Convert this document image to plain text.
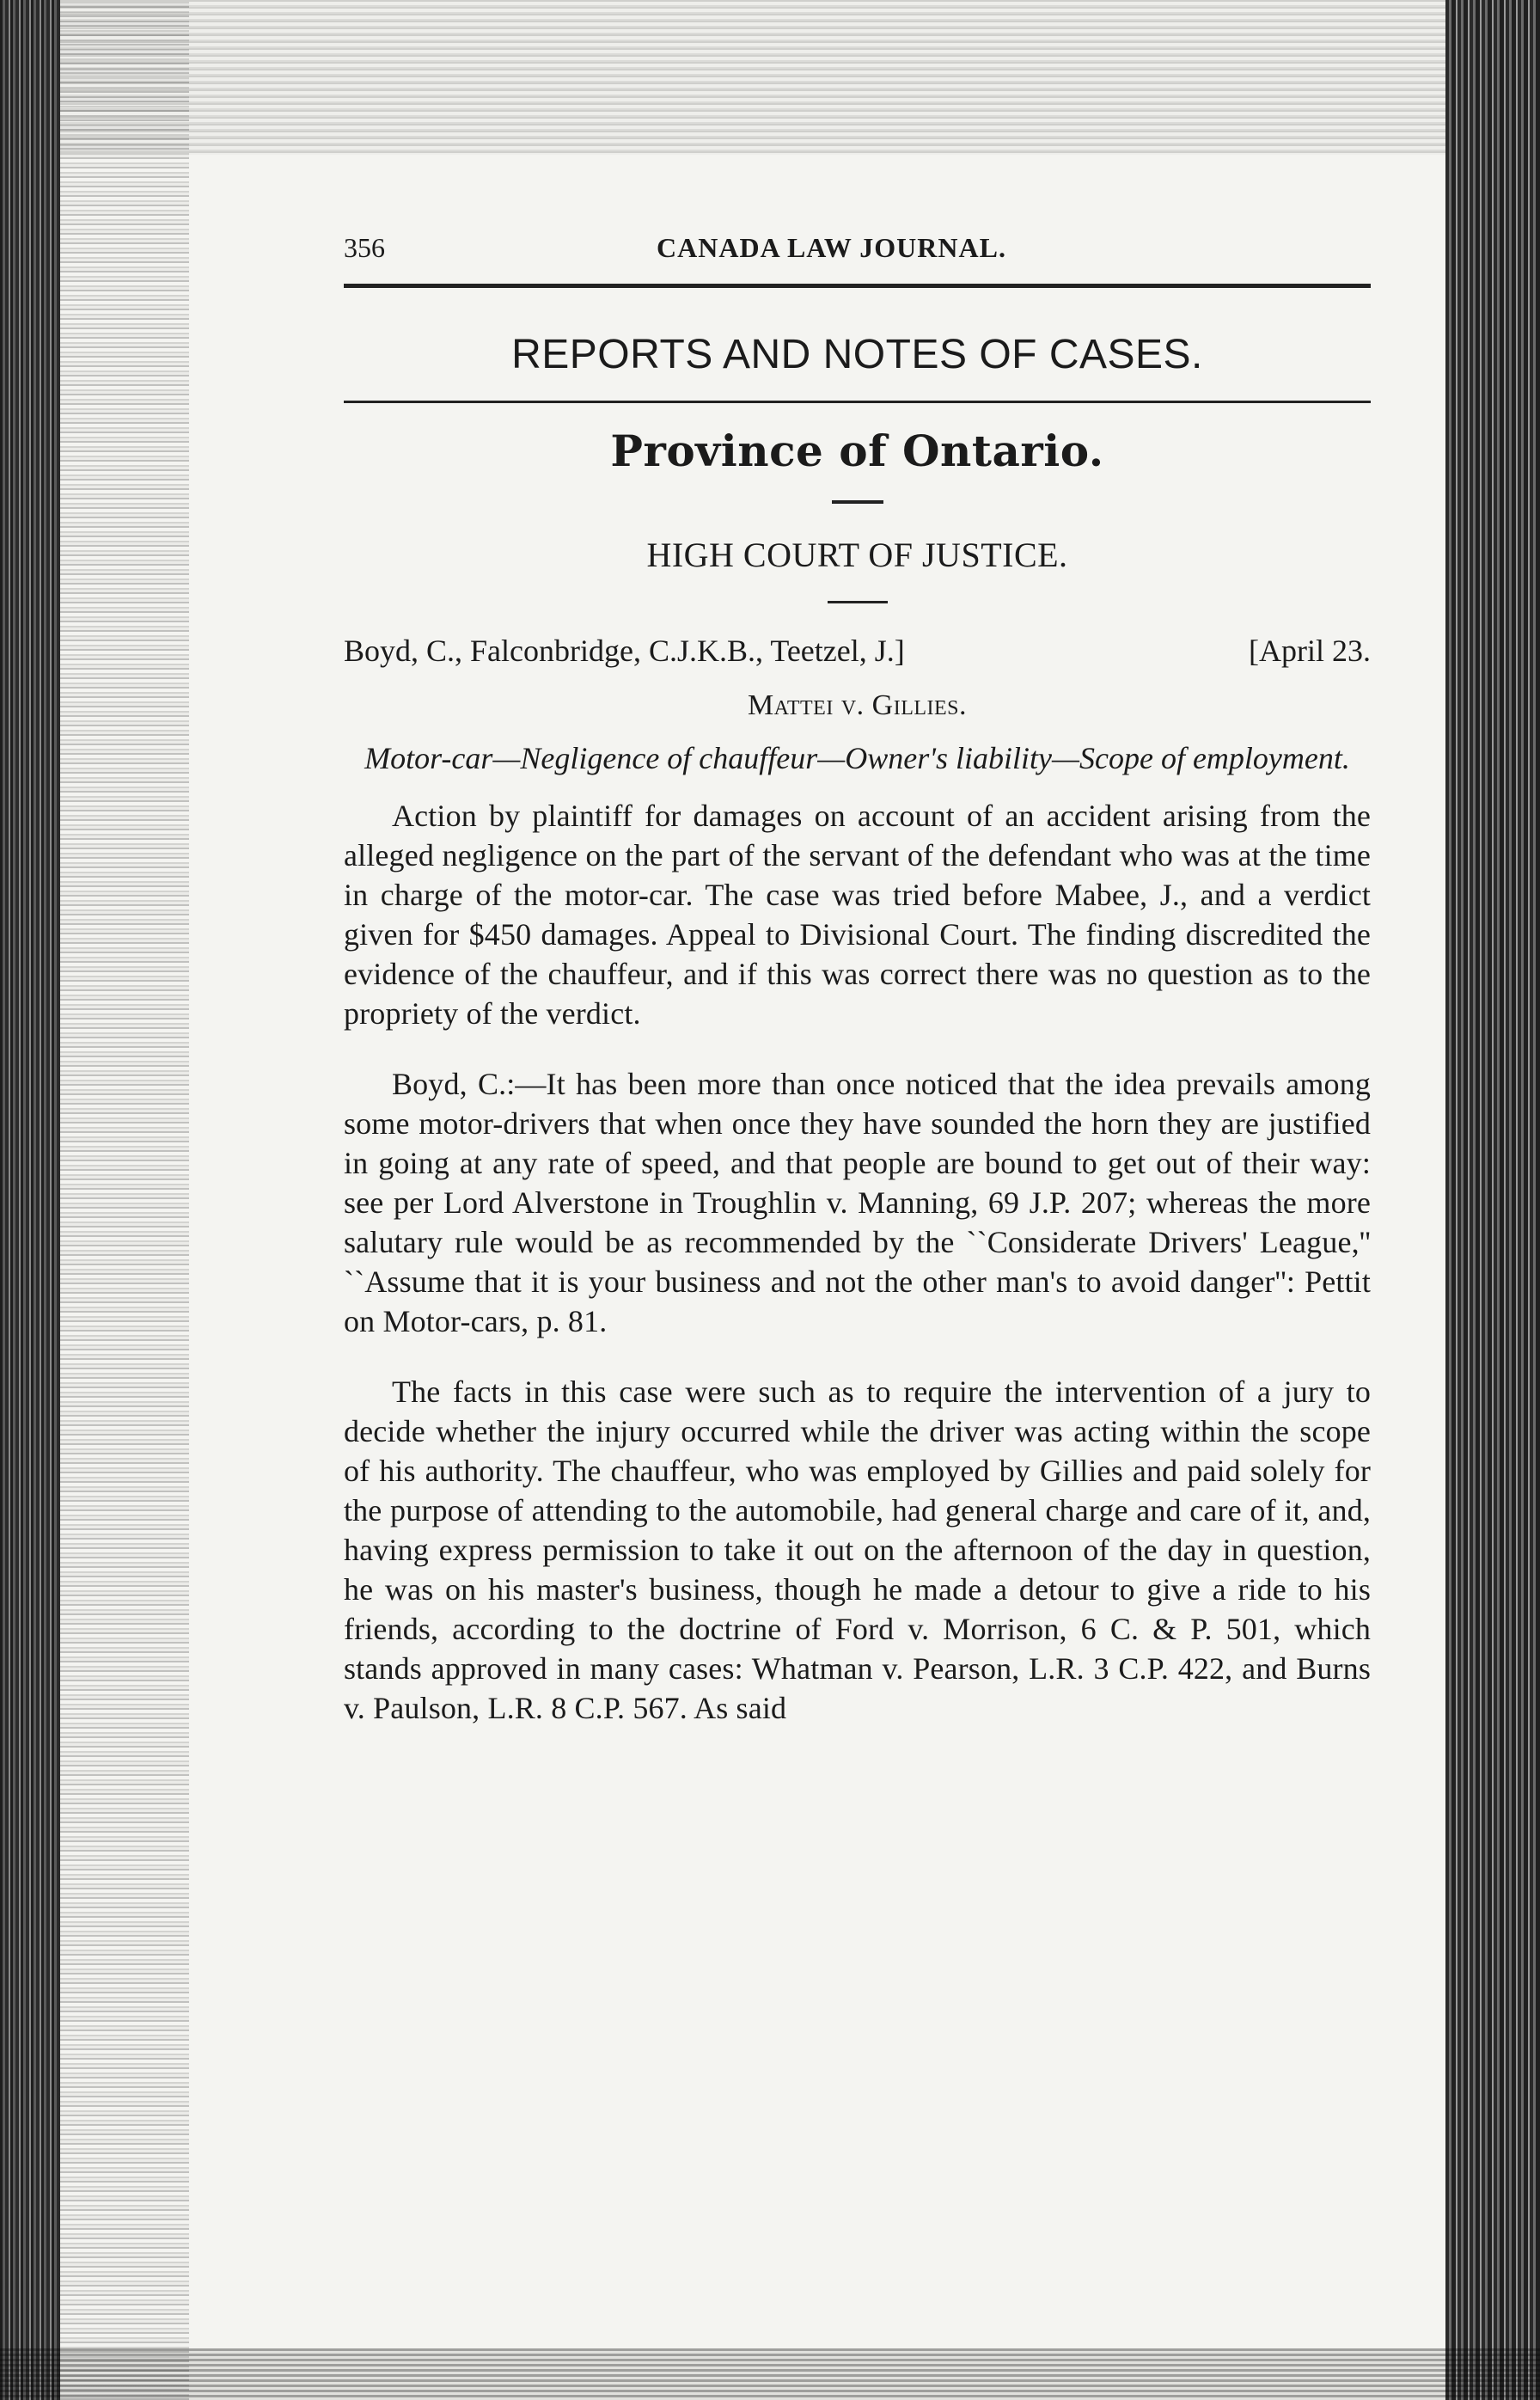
356	CANADA LAW JOURNAL.
REPORTS AND NOTES OF CASES.
Province of Ontario.
HIGH COURT OF JUSTICE.
Boyd, C., Falconbridge, C.J.K.B., Teetzel, J.]	[April 23.
Mattei v. Gillies.
Motor-car—Negligence of chauffeur—Owner's liability—Scope of employment.

Action by plaintiff for damages on account of an accident arising from the alleged negligence on the part of the servant of the defendant who was at the time in charge of the motor-car. The case was tried before Mabee, J., and a verdict given for $450 damages. Appeal to Divisional Court. The finding discredited the evidence of the chauffeur, and if this was correct there was no question as to the propriety of the verdict.

Boyd, C.:—It has been more than once noticed that the idea prevails among some motor-drivers that when once they have sounded the horn they are justified in going at any rate of speed, and that people are bound to get out of their way: see per Lord Alverstone in Troughlin v. Manning, 69 J.P. 207; whereas the more salutary rule would be as recommended by the ``Considerate Drivers' League,'' ``Assume that it is your business and not the other man's to avoid danger'': Pettit on Motor-cars, p. 81.

The facts in this case were such as to require the intervention of a jury to decide whether the injury occurred while the driver was acting within the scope of his authority. The chauffeur, who was employed by Gillies and paid solely for the purpose of attending to the automobile, had general charge and care of it, and, having express permission to take it out on the afternoon of the day in question, he was on his master's business, though he made a detour to give a ride to his friends, according to the doctrine of Ford v. Morrison, 6 C. & P. 501, which stands approved in many cases: Whatman v. Pearson, L.R. 3 C.P. 422, and Burns v. Paulson, L.R. 8 C.P. 567. As said
